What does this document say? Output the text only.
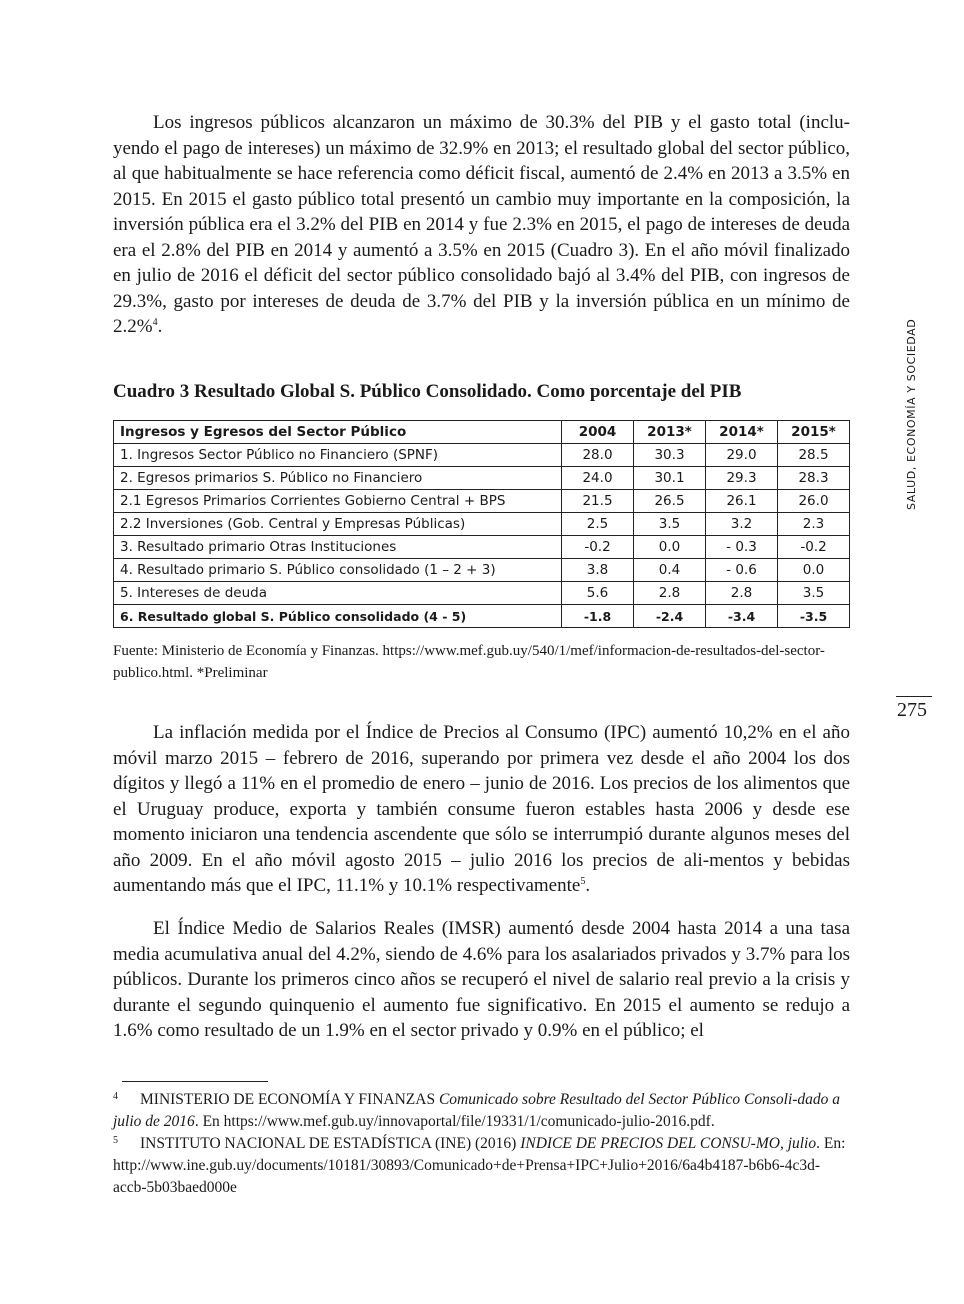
Los ingresos públicos alcanzaron un máximo de 30.3% del PIB y el gasto total (inclu-yendo el pago de intereses) un máximo de 32.9% en 2013; el resultado global del sector público, al que habitualmente se hace referencia como déficit fiscal, aumentó de 2.4% en 2013 a 3.5% en 2015. En 2015 el gasto público total presentó un cambio muy importante en la composición, la inversión pública era el 3.2% del PIB en 2014 y fue 2.3% en 2015, el pago de intereses de deuda era el 2.8% del PIB en 2014 y aumentó a 3.5% en 2015 (Cuadro 3). En el año móvil finalizado en julio de 2016 el déficit del sector público consolidado bajó al 3.4% del PIB, con ingresos de 29.3%, gasto por intereses de deuda de 3.7% del PIB y la inversión pública en un mínimo de 2.2%$^4$.

Cuadro 3 Resultado Global S. Público Consolidado. Como porcentaje del PIB

Ingresos y Egresos del Sector Público	2004	2013*	2014*	2015*
1. Ingresos Sector Público no Financiero (SPNF)	28.0	30.3	29.0	28.5
2. Egresos primarios S. Público no Financiero	24.0	30.1	29.3	28.3
2.1 Egresos Primarios Corrientes Gobierno Central + BPS	21.5	26.5	26.1	26.0
2.2 Inversiones (Gob. Central y Empresas Públicas)	2.5	3.5	3.2	2.3
3. Resultado primario Otras Instituciones	-0.2	0.0	- 0.3	-0.2
4. Resultado primario S. Público consolidado (1 – 2 + 3)	3.8	0.4	- 0.6	0.0
5. Intereses de deuda	5.6	2.8	2.8	3.5
6. Resultado global S. Público consolidado (4 - 5)	-1.8	-2.4	-3.4	-3.5

Fuente: Ministerio de Economía y Finanzas. https://www.mef.gub.uy/540/1/mef/informacion-de-resultados-del-sector-publico.html. *Preliminar

La inflación medida por el Índice de Precios al Consumo (IPC) aumentó 10,2% en el año móvil marzo 2015 – febrero de 2016, superando por primera vez desde el año 2004 los dos dígitos y llegó a 11% en el promedio de enero – junio de 2016. Los precios de los alimentos que el Uruguay produce, exporta y también consume fueron estables hasta 2006 y desde ese momento iniciaron una tendencia ascendente que sólo se interrumpió durante algunos meses del año 2009. En el año móvil agosto 2015 – julio 2016 los precios de ali-mentos y bebidas aumentando más que el IPC, 11.1% y 10.1% respectivamente$^5$.

El Índice Medio de Salarios Reales (IMSR) aumentó desde 2004 hasta 2014 a una tasa media acumulativa anual del 4.2%, siendo de 4.6% para los asalariados privados y 3.7% para los públicos. Durante los primeros cinco años se recuperó el nivel de salario real previo a la crisis y durante el segundo quinquenio el aumento fue significativo. En 2015 el aumento se redujo a 1.6% como resultado de un 1.9% en el sector privado y 0.9% en el público; el

$^4$ MINISTERIO DE ECONOMÍA Y FINANZAS Comunicado sobre Resultado del Sector Público Consoli-dado a julio de 2016. En https://www.mef.gub.uy/innovaportal/file/19331/1/comunicado-julio-2016.pdf.

$^5$ INSTITUTO NACIONAL DE ESTADÍSTICA (INE) (2016) INDICE DE PRECIOS DEL CONSU-MO, julio. En: http://www.ine.gub.uy/documents/10181/30893/Comunicado+de+Prensa+IPC+Julio+2016/6a4b4187-b6b6-4c3d-accb-5b03baed000e

SALUD, ECONOMÍA Y SOCIEDAD
275
